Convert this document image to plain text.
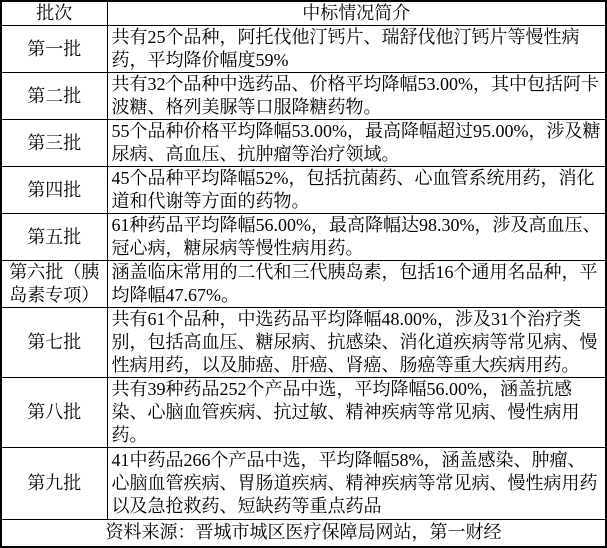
批次	中标情况简介
第一批	共有25个品种，阿托伐他汀钙片、瑞舒伐他汀钙片等慢性病药，平均降价幅度59%
第二批	共有32个品种中选药品、价格平均降幅53.00%，其中包括阿卡波糖、格列美脲等口服降糖药物。
第三批	55个品种价格平均降幅53.00%，最高降幅超过95.00%，涉及糖尿病、高血压、抗肿瘤等治疗领域。
第四批	45个品种平均降幅52%，包括抗菌药、心血管系统用药，消化道和代谢等方面的药物。
第五批	61种药品平均降幅56.00%，最高降幅达98.30%，涉及高血压、冠心病，糖尿病等慢性病用药。
第六批（胰岛素专项）	涵盖临床常用的二代和三代胰岛素，包括16个通用名品种，平均降幅47.67%。
第七批	共有61个品种，中选药品平均降幅48.00%，涉及31个治疗类别，包括高血压、糖尿病、抗感染、消化道疾病等常见病、慢性病用药，以及肺癌、肝癌、肾癌、肠癌等重大疾病用药。
第八批	共有39种药品252个产品中选，平均降幅56.00%，涵盖抗感染、心脑血管疾病、抗过敏、精神疾病等常见病、慢性病用药。
第九批	41中药品266个产品中选，平均降幅58%，涵盖感染、肿瘤、心脑血管疾病、胃肠道疾病、精神疾病等常见病、慢性病用药以及急抢救药、短缺药等重点药品
资料来源：晋城市城区医疗保障局网站，第一财经	
